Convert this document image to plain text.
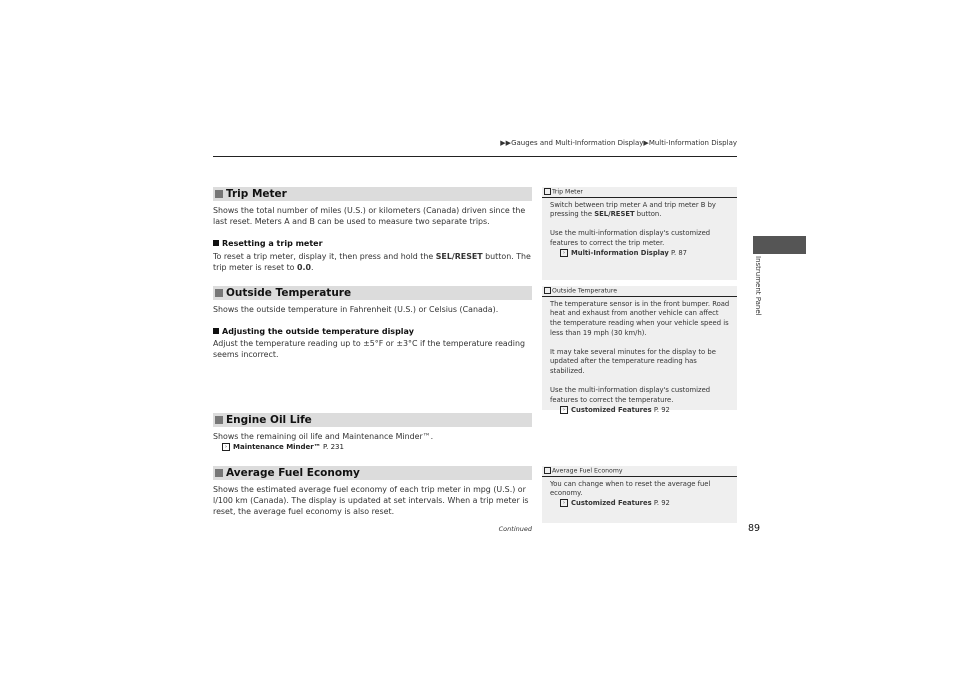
▶▶Gauges and Multi-Information Display▶Multi-Information Display
Trip Meter
Shows the total number of miles (U.S.) or kilometers (Canada) driven since the last reset. Meters A and B can be used to measure two separate trips.
Resetting a trip meter
To reset a trip meter, display it, then press and hold the SEL/RESET button. The trip meter is reset to 0.0.
Outside Temperature
Shows the outside temperature in Fahrenheit (U.S.) or Celsius (Canada).
Adjusting the outside temperature display
Adjust the temperature reading up to ±5°F or ±3°C if the temperature reading seems incorrect.
Engine Oil Life
Shows the remaining oil life and Maintenance Minder™.
› Maintenance Minder™ P. 231
Average Fuel Economy
Shows the estimated average fuel economy of each trip meter in mpg (U.S.) or l/100 km (Canada). The display is updated at set intervals. When a trip meter is reset, the average fuel economy is also reset.
Trip Meter

Switch between trip meter A and trip meter B by pressing the SEL/RESET button.

Use the multi-information display's customized features to correct the trip meter.
› Multi-Information Display P. 87

Outside Temperature

The temperature sensor is in the front bumper. Road heat and exhaust from another vehicle can affect the temperature reading when your vehicle speed is less than 19 mph (30 km/h).

It may take several minutes for the display to be updated after the temperature reading has stabilized.

Use the multi-information display's customized features to correct the temperature.
› Customized Features P. 92

Average Fuel Economy

You can change when to reset the average fuel economy.
› Customized Features P. 92

Instrument Panel
Continued	89
